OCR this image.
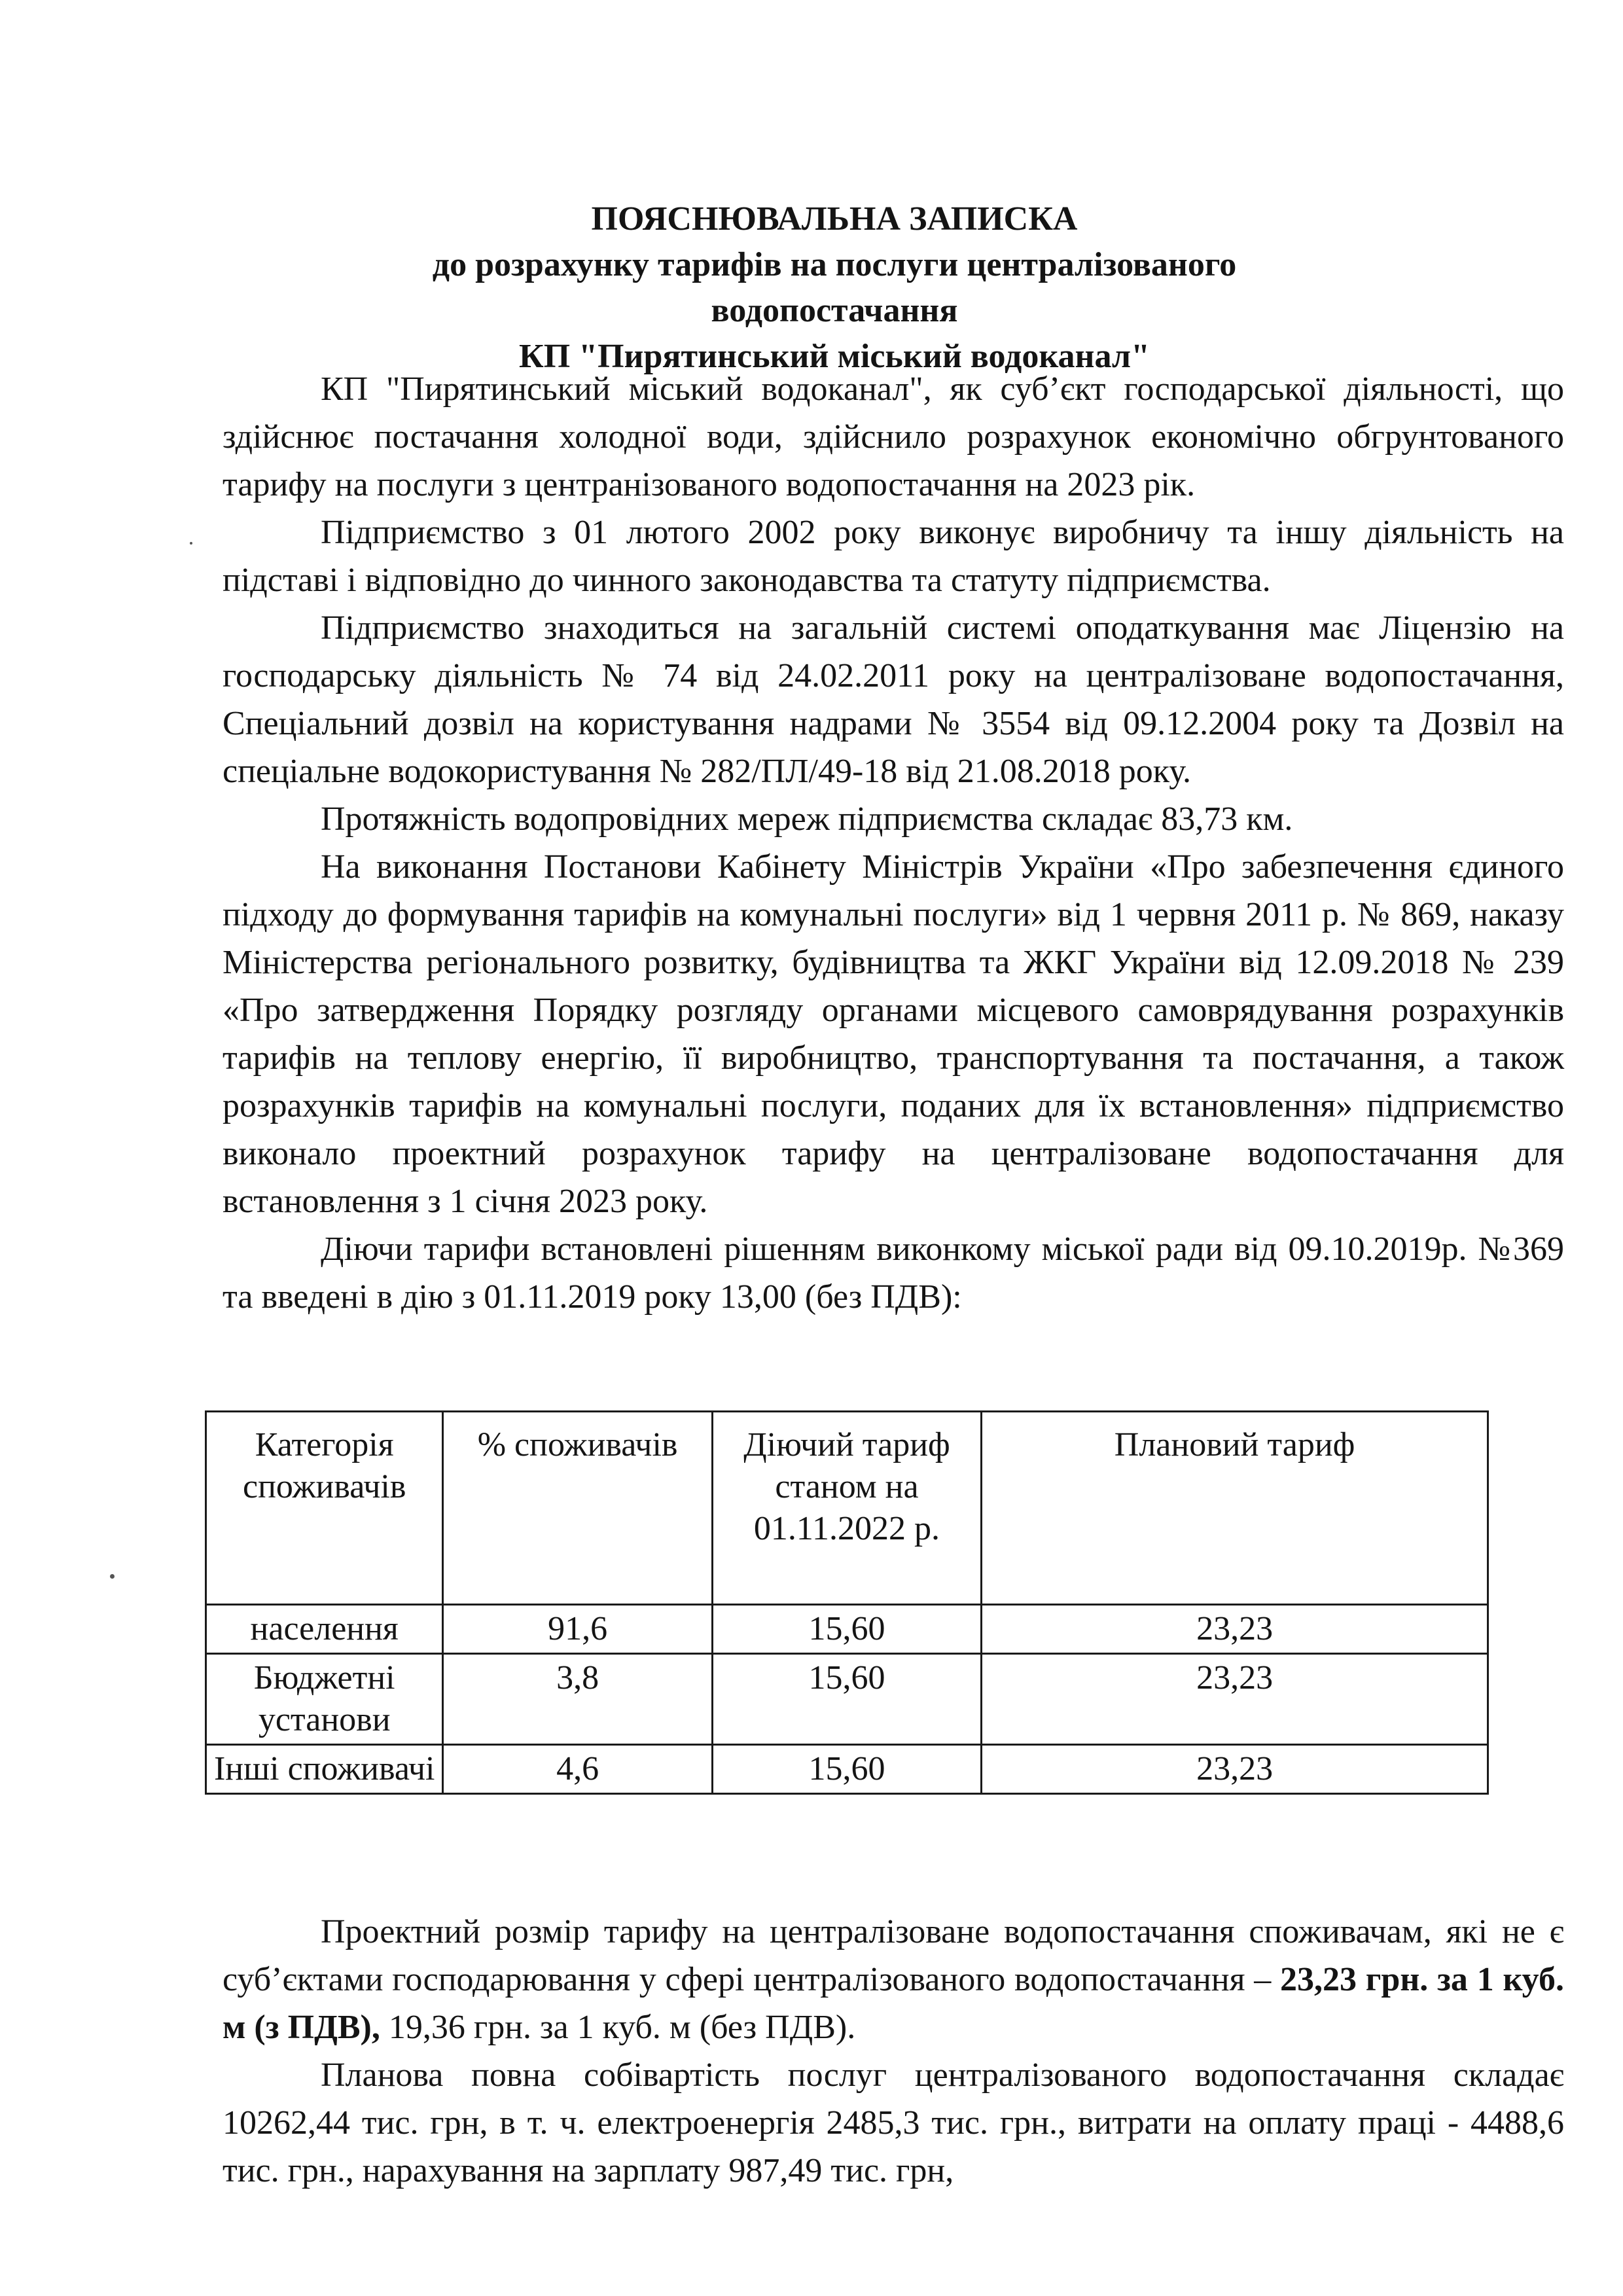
ПОЯСНЮВАЛЬНА ЗАПИСКА
до розрахунку тарифів на послуги централізованого водопостачання
КП "Пирятинський міський водоканал"

КП "Пирятинський міський водоканал", як суб’єкт господарської діяльності, що здійснює постачання холодної води, здійснило розрахунок економічно обгрунтованого тарифу на послуги з центранізованого водопостачання на 2023 рік.

Підприємство з 01 лютого 2002 року виконує виробничу та іншу діяльність на підставі і відповідно до чинного законодавства та статуту підприємства.

Підприємство знаходиться на загальній системі оподаткування має Ліцензію на господарську діяльність № 74 від 24.02.2011 року на централізоване водопостачання, Спеціальний дозвіл на користування надрами № 3554 від 09.12.2004 року та Дозвіл на спеціальне водокористування № 282/ПЛ/49-18 від 21.08.2018 року.

Протяжність водопровідних мереж підприємства складає 83,73 км.

На виконання Постанови Кабінету Міністрів України «Про забезпечення єдиного підходу до формування тарифів на комунальні послуги» від 1 червня 2011 р. № 869, наказу Міністерства регіонального розвитку, будівництва та ЖКГ України від 12.09.2018 № 239 «Про затвердження Порядку розгляду органами місцевого самоврядування розрахунків тарифів на теплову енергію, її виробництво, транспортування та постачання, а також розрахунків тарифів на комунальні послуги, поданих для їх встановлення» підприємство виконало проектний розрахунок тарифу на централізоване водопостачання для встановлення з 1 січня 2023 року.

Діючи тарифи встановлені рішенням виконкому міської ради від 09.10.2019р. №369 та введені в дію з 01.11.2019 року 13,00 (без ПДВ):

Категорія споживачів	% споживачів	Діючий тариф станом на 01.11.2022 р.	Плановий тариф
населення	91,6	15,60	23,23
Бюджетні установи	3,8	15,60	23,23
Інші споживачі	4,6	15,60	23,23

Проектний розмір тарифу на централізоване водопостачання споживачам, які не є суб’єктами господарювання у сфері централізованого водопостачання – 23,23 грн. за 1 куб. м (з ПДВ), 19,36 грн. за 1 куб. м (без ПДВ).

Планова повна собівартість послуг централізованого водопостачання складає 10262,44 тис. грн, в т. ч. електроенергія 2485,3 тис. грн., витрати на оплату праці - 4488,6 тис. грн., нарахування на зарплату 987,49 тис. грн,
